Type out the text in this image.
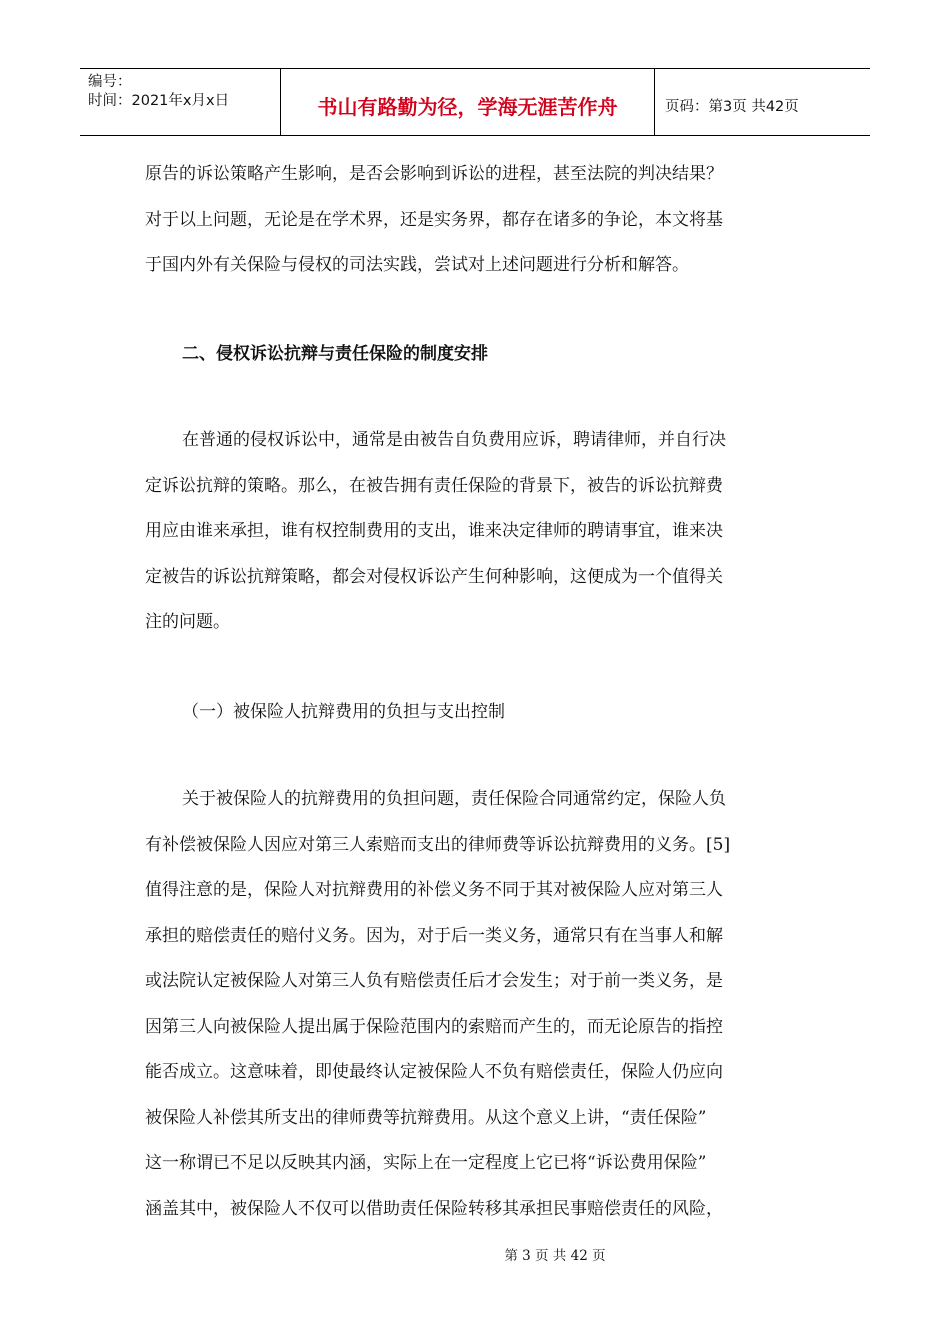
编号：
时间：2021年x月x日	书山有路勤为径，学海无涯苦作舟	页码：第3页 共42页

原告的诉讼策略产生影响，是否会影响到诉讼的进程，甚至法院的判决结果？
对于以上问题，无论是在学术界，还是实务界，都存在诸多的争论，本文将基
于国内外有关保险与侵权的司法实践，尝试对上述问题进行分析和解答。

二、侵权诉讼抗辩与责任保险的制度安排

在普通的侵权诉讼中，通常是由被告自负费用应诉，聘请律师，并自行决
定诉讼抗辩的策略。那么，在被告拥有责任保险的背景下，被告的诉讼抗辩费
用应由谁来承担，谁有权控制费用的支出，谁来决定律师的聘请事宜，谁来决
定被告的诉讼抗辩策略，都会对侵权诉讼产生何种影响，这便成为一个值得关
注的问题。

（一）被保险人抗辩费用的负担与支出控制

关于被保险人的抗辩费用的负担问题，责任保险合同通常约定，保险人负
有补偿被保险人因应对第三人索赔而支出的律师费等诉讼抗辩费用的义务。[5]
值得注意的是，保险人对抗辩费用的补偿义务不同于其对被保险人应对第三人
承担的赔偿责任的赔付义务。因为，对于后一类义务，通常只有在当事人和解
或法院认定被保险人对第三人负有赔偿责任后才会发生；对于前一类义务，是
因第三人向被保险人提出属于保险范围内的索赔而产生的，而无论原告的指控
能否成立。这意味着，即使最终认定被保险人不负有赔偿责任，保险人仍应向
被保险人补偿其所支出的律师费等抗辩费用。从这个意义上讲，“责任保险”
这一称谓已不足以反映其内涵，实际上在一定程度上它已将“诉讼费用保险”
涵盖其中，被保险人不仅可以借助责任保险转移其承担民事赔偿责任的风险，

第 3 页 共 42 页
